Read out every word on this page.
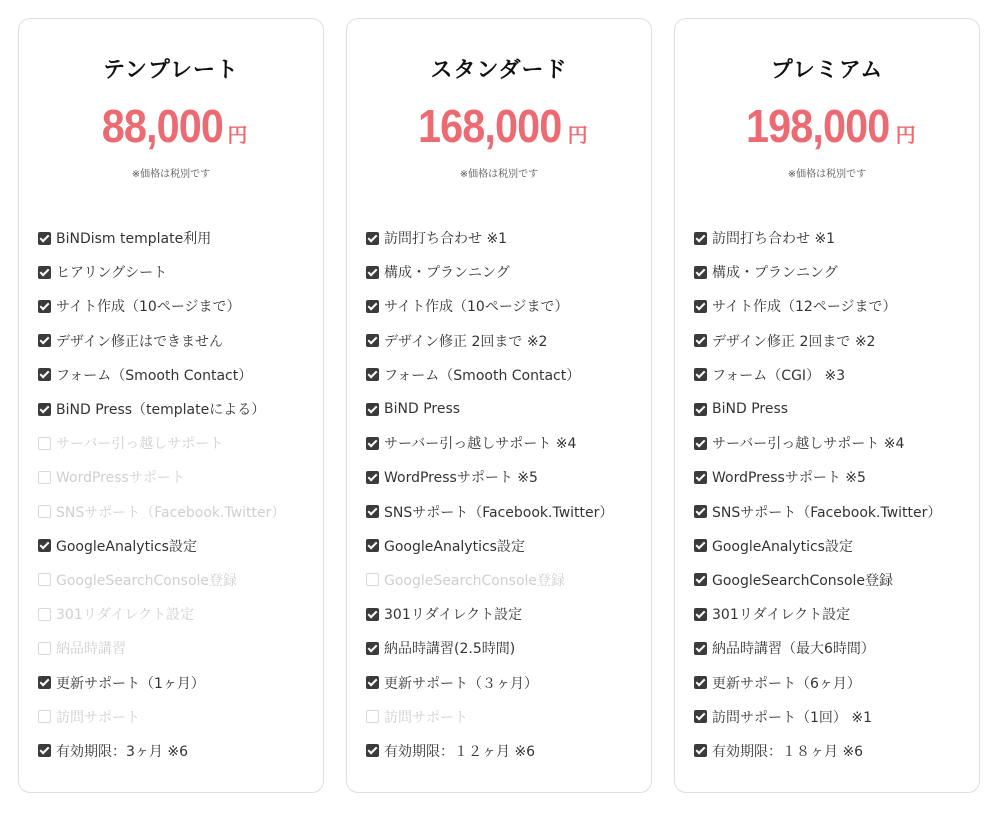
テンプレート
88,000 円
※価格は税別です
BiNDism template利用
ヒアリングシート
サイト作成（10ページまで）
デザイン修正はできません
フォーム（Smooth Contact）
BiND Press（templateによる）
サーバー引っ越しサポート
WordPressサポート
SNSサポート（Facebook.Twitter）
GoogleAnalytics設定
GoogleSearchConsole登録
301リダイレクト設定
納品時講習
更新サポート（1ヶ月）
訪問サポート
有効期限：3ヶ月 ※6
スタンダード
168,000 円
※価格は税別です
訪問打ち合わせ ※1
構成・プランニング
サイト作成（10ページまで）
デザイン修正 2回まで ※2
フォーム（Smooth Contact）
BiND Press
サーバー引っ越しサポート ※4
WordPressサポート ※5
SNSサポート（Facebook.Twitter）
GoogleAnalytics設定
GoogleSearchConsole登録
301リダイレクト設定
納品時講習(2.5時間)
更新サポート（３ヶ月）
訪問サポート
有効期限：１２ヶ月 ※6
プレミアム
198,000 円
※価格は税別です
訪問打ち合わせ ※1
構成・プランニング
サイト作成（12ページまで）
デザイン修正 2回まで ※2
フォーム（CGI） ※3
BiND Press
サーバー引っ越しサポート ※4
WordPressサポート ※5
SNSサポート（Facebook.Twitter）
GoogleAnalytics設定
GoogleSearchConsole登録
301リダイレクト設定
納品時講習（最大6時間）
更新サポート（6ヶ月）
訪問サポート（1回） ※1
有効期限：１８ヶ月 ※6
